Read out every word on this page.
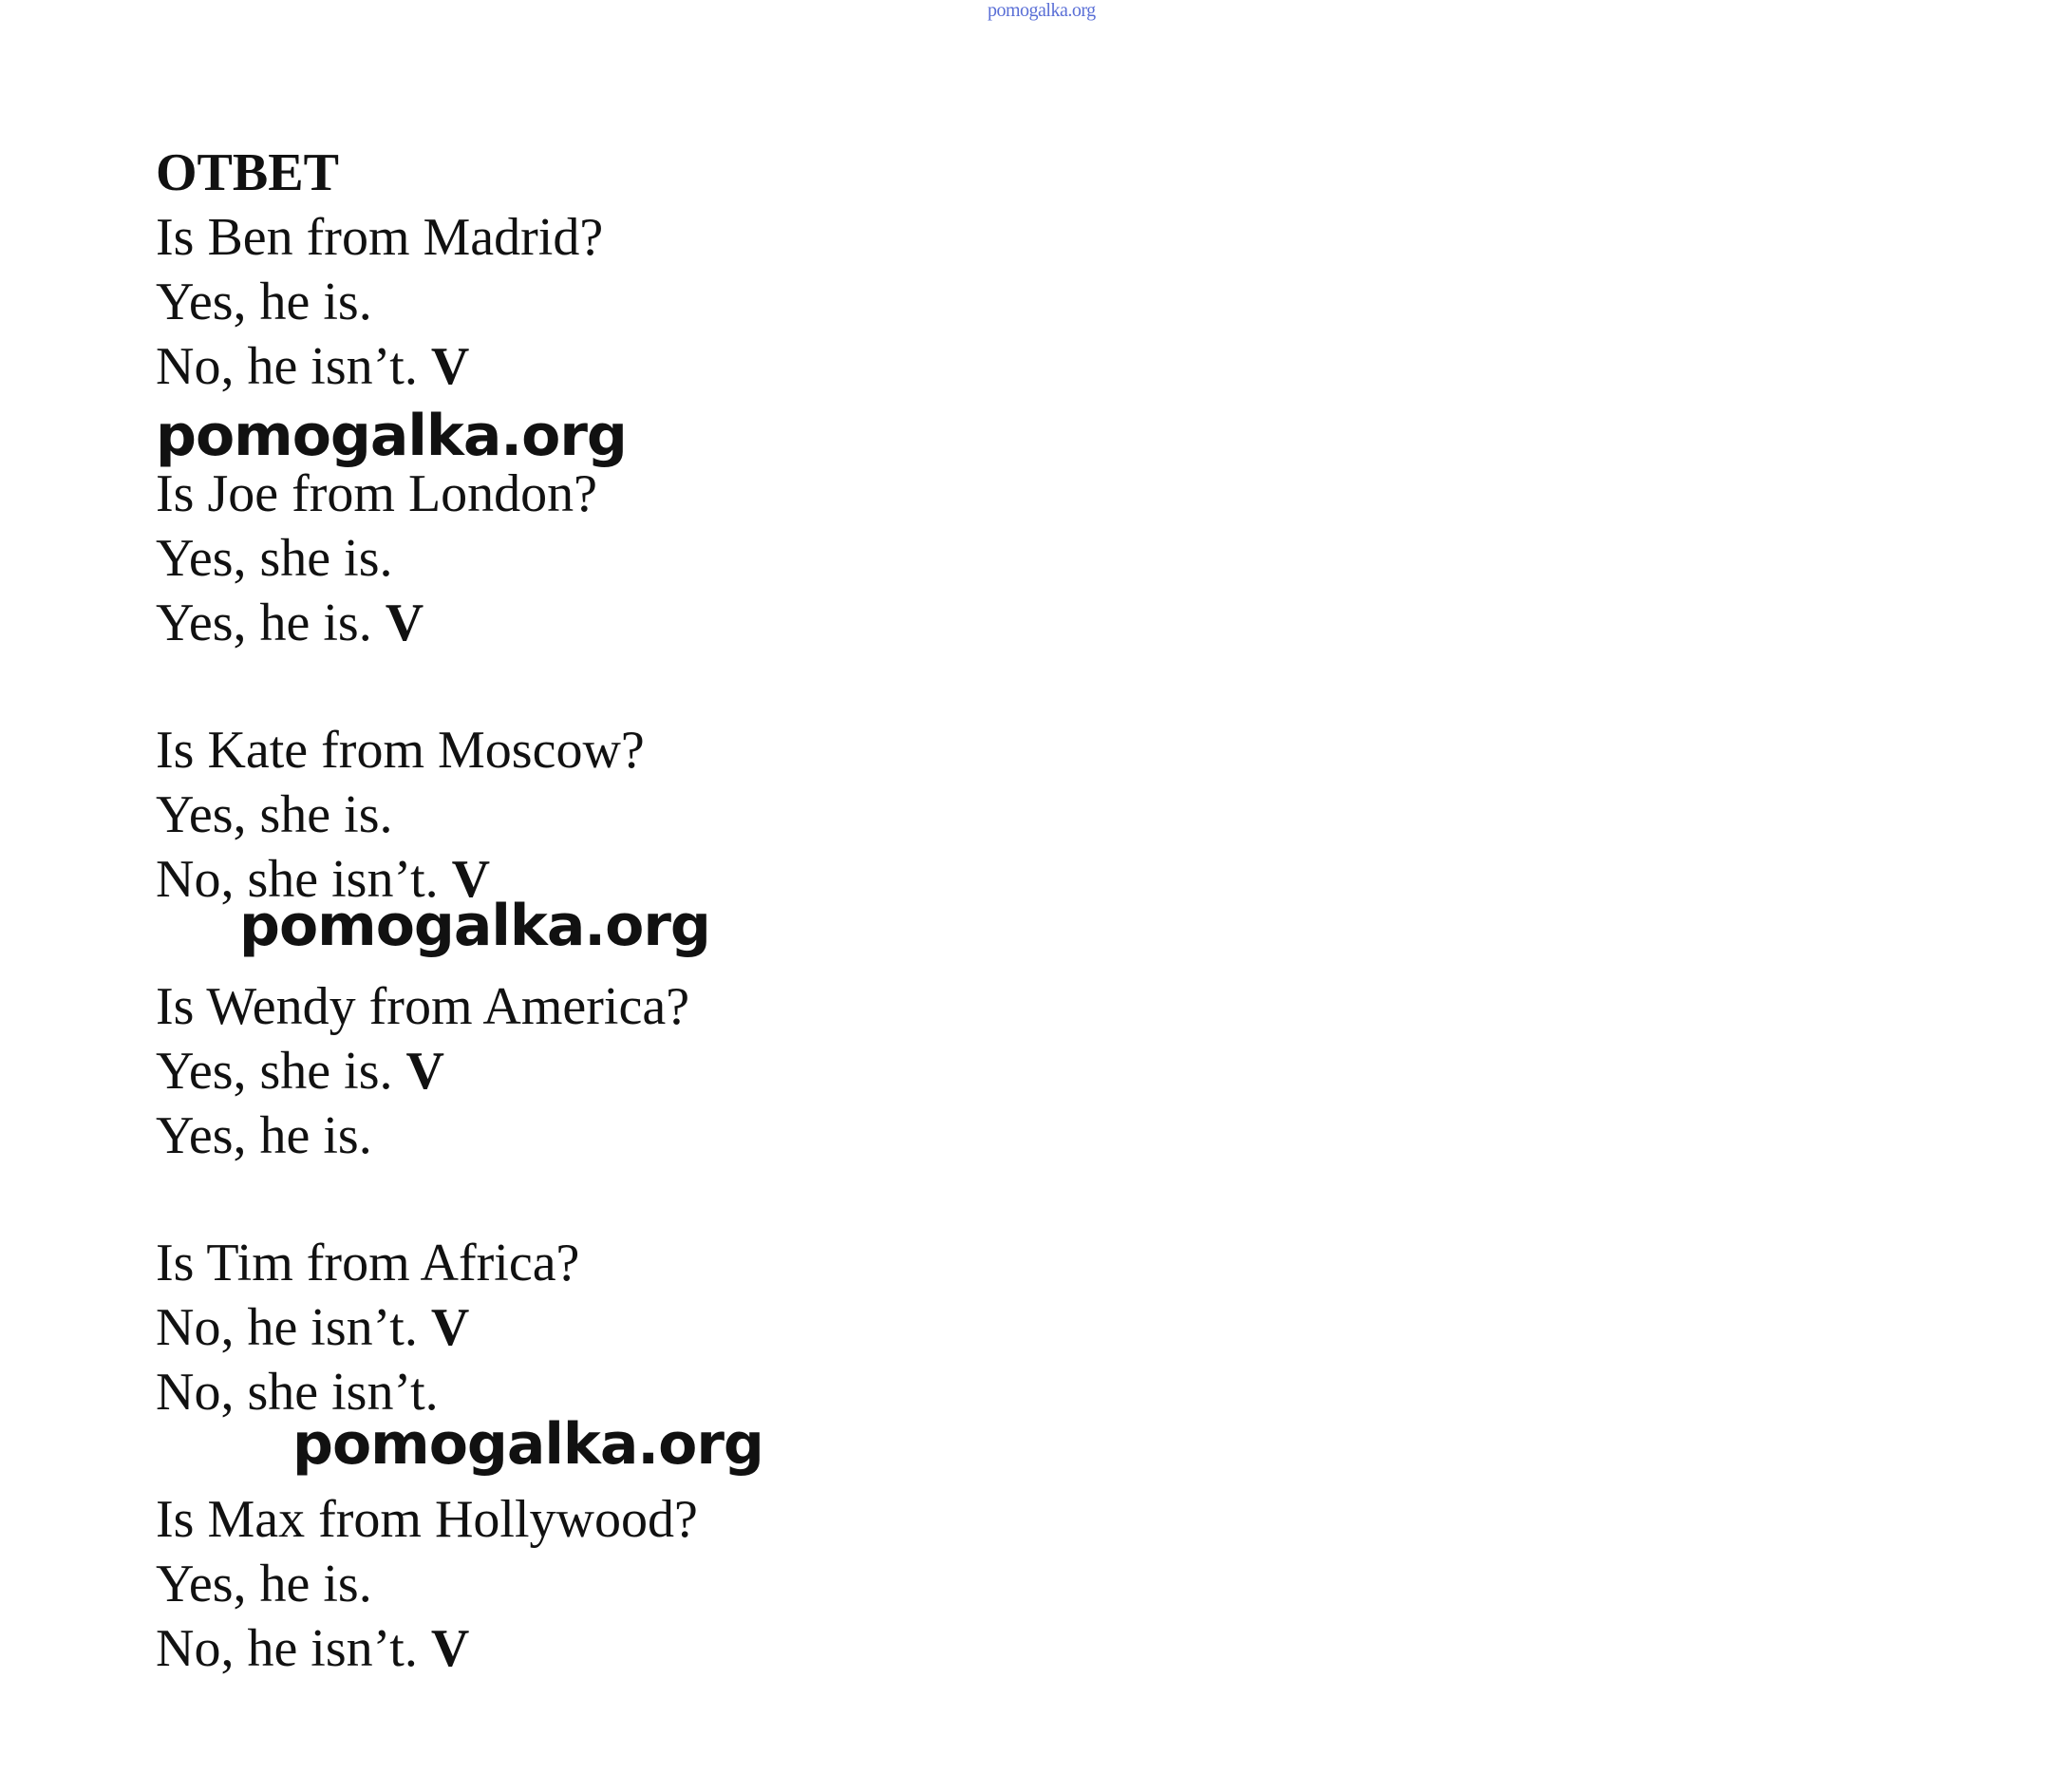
pomogalka.org
ОТВЕТ
Is Ben from Madrid?
Yes, he is.
No, he isn’t. V
pomogalka.org
Is Joe from London?
Yes, she is.
Yes, he is. V
Is Kate from Moscow?
Yes, she is.
No, she isn’t. V
pomogalka.org
Is Wendy from America?
Yes, she is. V
Yes, he is.
Is Tim from Africa?
No, he isn’t. V
No, she isn’t.
pomogalka.org
Is Max from Hollywood?
Yes, he is.
No, he isn’t. V
